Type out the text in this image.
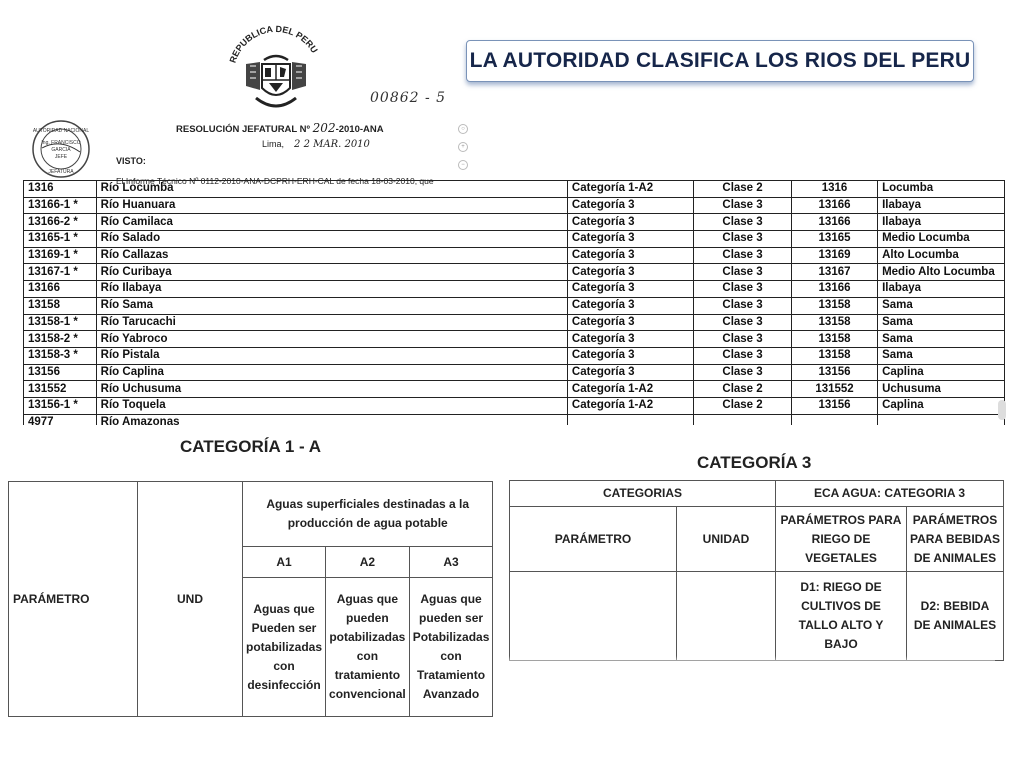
LA AUTORIDAD CLASIFICA LOS RIOS DEL PERU
REPUBLICA DEL PERU
00862 - 5
AUTORIDAD NACIONAL
Ing. FRANCISCO
GARCIA
JEFE
JEFATURA
RESOLUCIÓN JEFATURAL Nº 202-2010-ANA
Lima, 2 2 MAR. 2010
VISTO:
El Informe Técnico Nº 0112-2010-ANA-DCPRH-ERH-CAL de fecha 18-03-2010, que
○
+
−
1316	Río Locumba	Categoría 1-A2	Clase 2	1316	Locumba
13166-1 *	Río Huanuara	Categoría 3	Clase 3	13166	Ilabaya
13166-2 *	Río Camilaca	Categoría 3	Clase 3	13166	Ilabaya
13165-1 *	Río Salado	Categoría 3	Clase 3	13165	Medio Locumba
13169-1 *	Río Callazas	Categoría 3	Clase 3	13169	Alto Locumba
13167-1 *	Río Curibaya	Categoría 3	Clase 3	13167	Medio Alto Locumba
13166	Río Ilabaya	Categoría 3	Clase 3	13166	Ilabaya
13158	Río Sama	Categoría 3	Clase 3	13158	Sama
13158-1 *	Río Tarucachi	Categoría 3	Clase 3	13158	Sama
13158-2 *	Río Yabroco	Categoría 3	Clase 3	13158	Sama
13158-3 *	Río Pistala	Categoría 3	Clase 3	13158	Sama
13156	Río Caplina	Categoría 3	Clase 3	13156	Caplina
131552	Río Uchusuma	Categoría 1-A2	Clase 2	131552	Uchusuma
13156-1 *	Río Toquela	Categoría 1-A2	Clase 2	13156	Caplina
4977	Río Amazonas				
CATEGORÍA 1 - A
PARÁMETRO	UND	Aguas superficiales destinadas a la producción de agua potable		
		A1	A2	A3
		Aguas que Pueden ser potabilizadas con desinfección	Aguas que pueden potabilizadas con tratamiento convencional	Aguas que pueden ser Potabilizadas con Tratamiento Avanzado
CATEGORÍA 3
CATEGORIAS		ECA AGUA: CATEGORIA 3	
PARÁMETRO	UNIDAD	PARÁMETROS PARA RIEGO DE VEGETALES	PARÁMETROS PARA BEBIDAS DE ANIMALES
		D1: RIEGO DE CULTIVOS DE TALLO ALTO Y BAJO	D2: BEBIDA DE ANIMALES
